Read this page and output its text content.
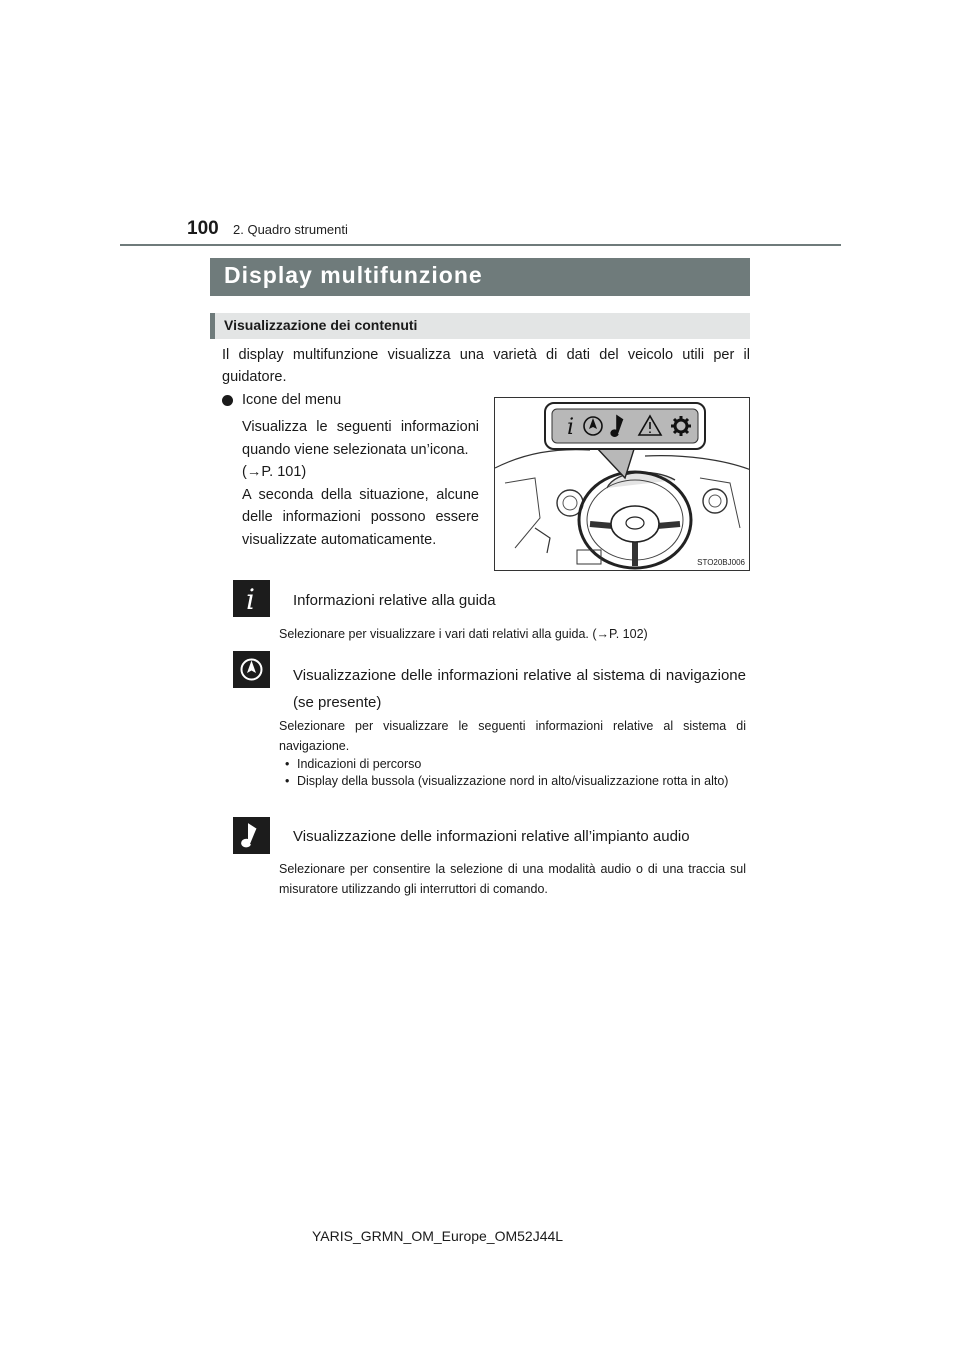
100 2. Quadro strumenti
Display multifunzione
Visualizzazione dei contenuti
Il display multifunzione visualizza una varietà di dati del veicolo utili per il guidatore.
Icone del menu

Visualizza le seguenti informazioni quando viene selezionata un’icona.

(→P. 101)

A seconda della situazione, alcune delle informazioni possono essere visualizzate automaticamente.

i
STO20BJ006
i	Informazioni relative alla guida
Selezionare per visualizzare i vari dati relativi alla guida. (→P. 102)
Visualizzazione delle informazioni relative al sistema di navigazione (se presente)
Selezionare per visualizzare le seguenti informazioni relative al sistema di navigazione.
• Indicazioni di percorso
• Display della bussola (visualizzazione nord in alto/visualizzazione rotta in alto)
Visualizzazione delle informazioni relative all’impianto audio
Selezionare per consentire la selezione di una modalità audio o di una traccia sul misuratore utilizzando gli interruttori di comando.
YARIS_GRMN_OM_Europe_OM52J44L
